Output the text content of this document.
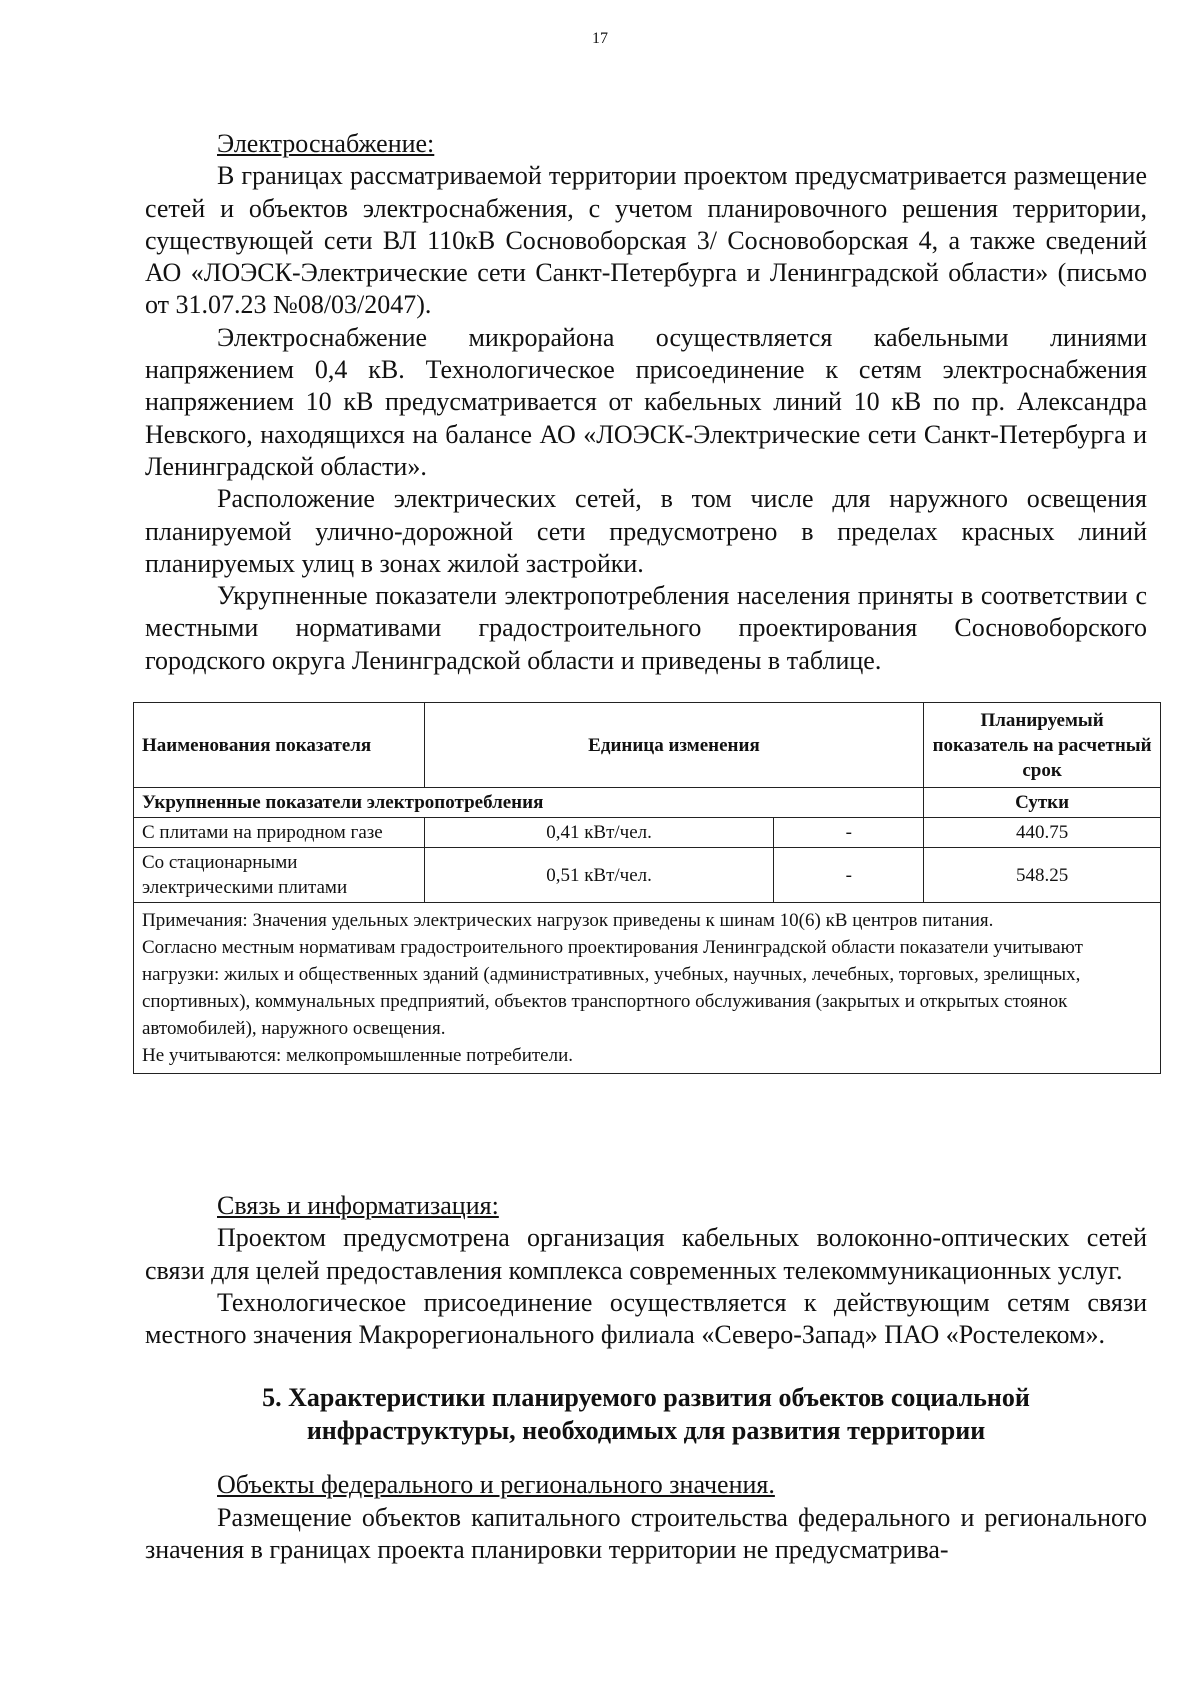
17

Электроснабжение:

В границах рассматриваемой территории проектом предусматривается размещение сетей и объектов электроснабжения, с учетом планировочного решения территории, существующей сети ВЛ 110кВ Сосновоборская 3/ Сосновоборская 4, а также сведений АО «ЛОЭСК-Электрические сети Санкт-Петербурга и Ленинградской области» (письмо от 31.07.23 №08/03/2047).

Электроснабжение микрорайона осуществляется кабельными линиями напряжением 0,4 кВ. Технологическое присоединение к сетям электроснабжения напряжением 10 кВ предусматривается от кабельных линий 10 кВ по пр. Александра Невского, находящихся на балансе АО «ЛОЭСК-Электрические сети Санкт-Петербурга и Ленинградской области».

Расположение электрических сетей, в том числе для наружного освещения планируемой улично-дорожной сети предусмотрено в пределах красных линий планируемых улиц в зонах жилой застройки.

Укрупненные показатели электропотребления населения приняты в соответствии с местными нормативами градостроительного проектирования Сосновоборского городского округа Ленинградской области и приведены в таблице.

Наименования показателя	Единица изменения		Планируемый показатель на расчетный срок
Укрупненные показатели электропотребления			Сутки
С плитами на природном газе	0,41 кВт/чел.	-	440.75
Со стационарными электрическими плитами	0,51 кВт/чел.	-	548.25

Примечания: Значения удельных электрических нагрузок приведены к шинам 10(6) кВ центров питания.
Согласно местным нормативам градостроительного проектирования Ленинградской области показатели учитывают нагрузки: жилых и общественных зданий (административных, учебных, научных, лечебных, торговых, зрелищных, спортивных), коммунальных предприятий, объектов транспортного обслуживания (закрытых и открытых стоянок автомобилей), наружного освещения.
Не учитываются: мелкопромышленные потребители.			

Связь и информатизация:

Проектом предусмотрена организация кабельных волоконно-оптических сетей связи для целей предоставления комплекса современных телекоммуникационных услуг.

Технологическое присоединение осуществляется к действующим сетям связи местного значения Макрорегионального филиала «Северо-Запад» ПАО «Ростелеком».

5. Характеристики планируемого развития объектов социальной инфраструктуры, необходимых для развития территории

Объекты федерального и регионального значения.

Размещение объектов капитального строительства федерального и регионального значения в границах проекта планировки территории не предусматрива-
